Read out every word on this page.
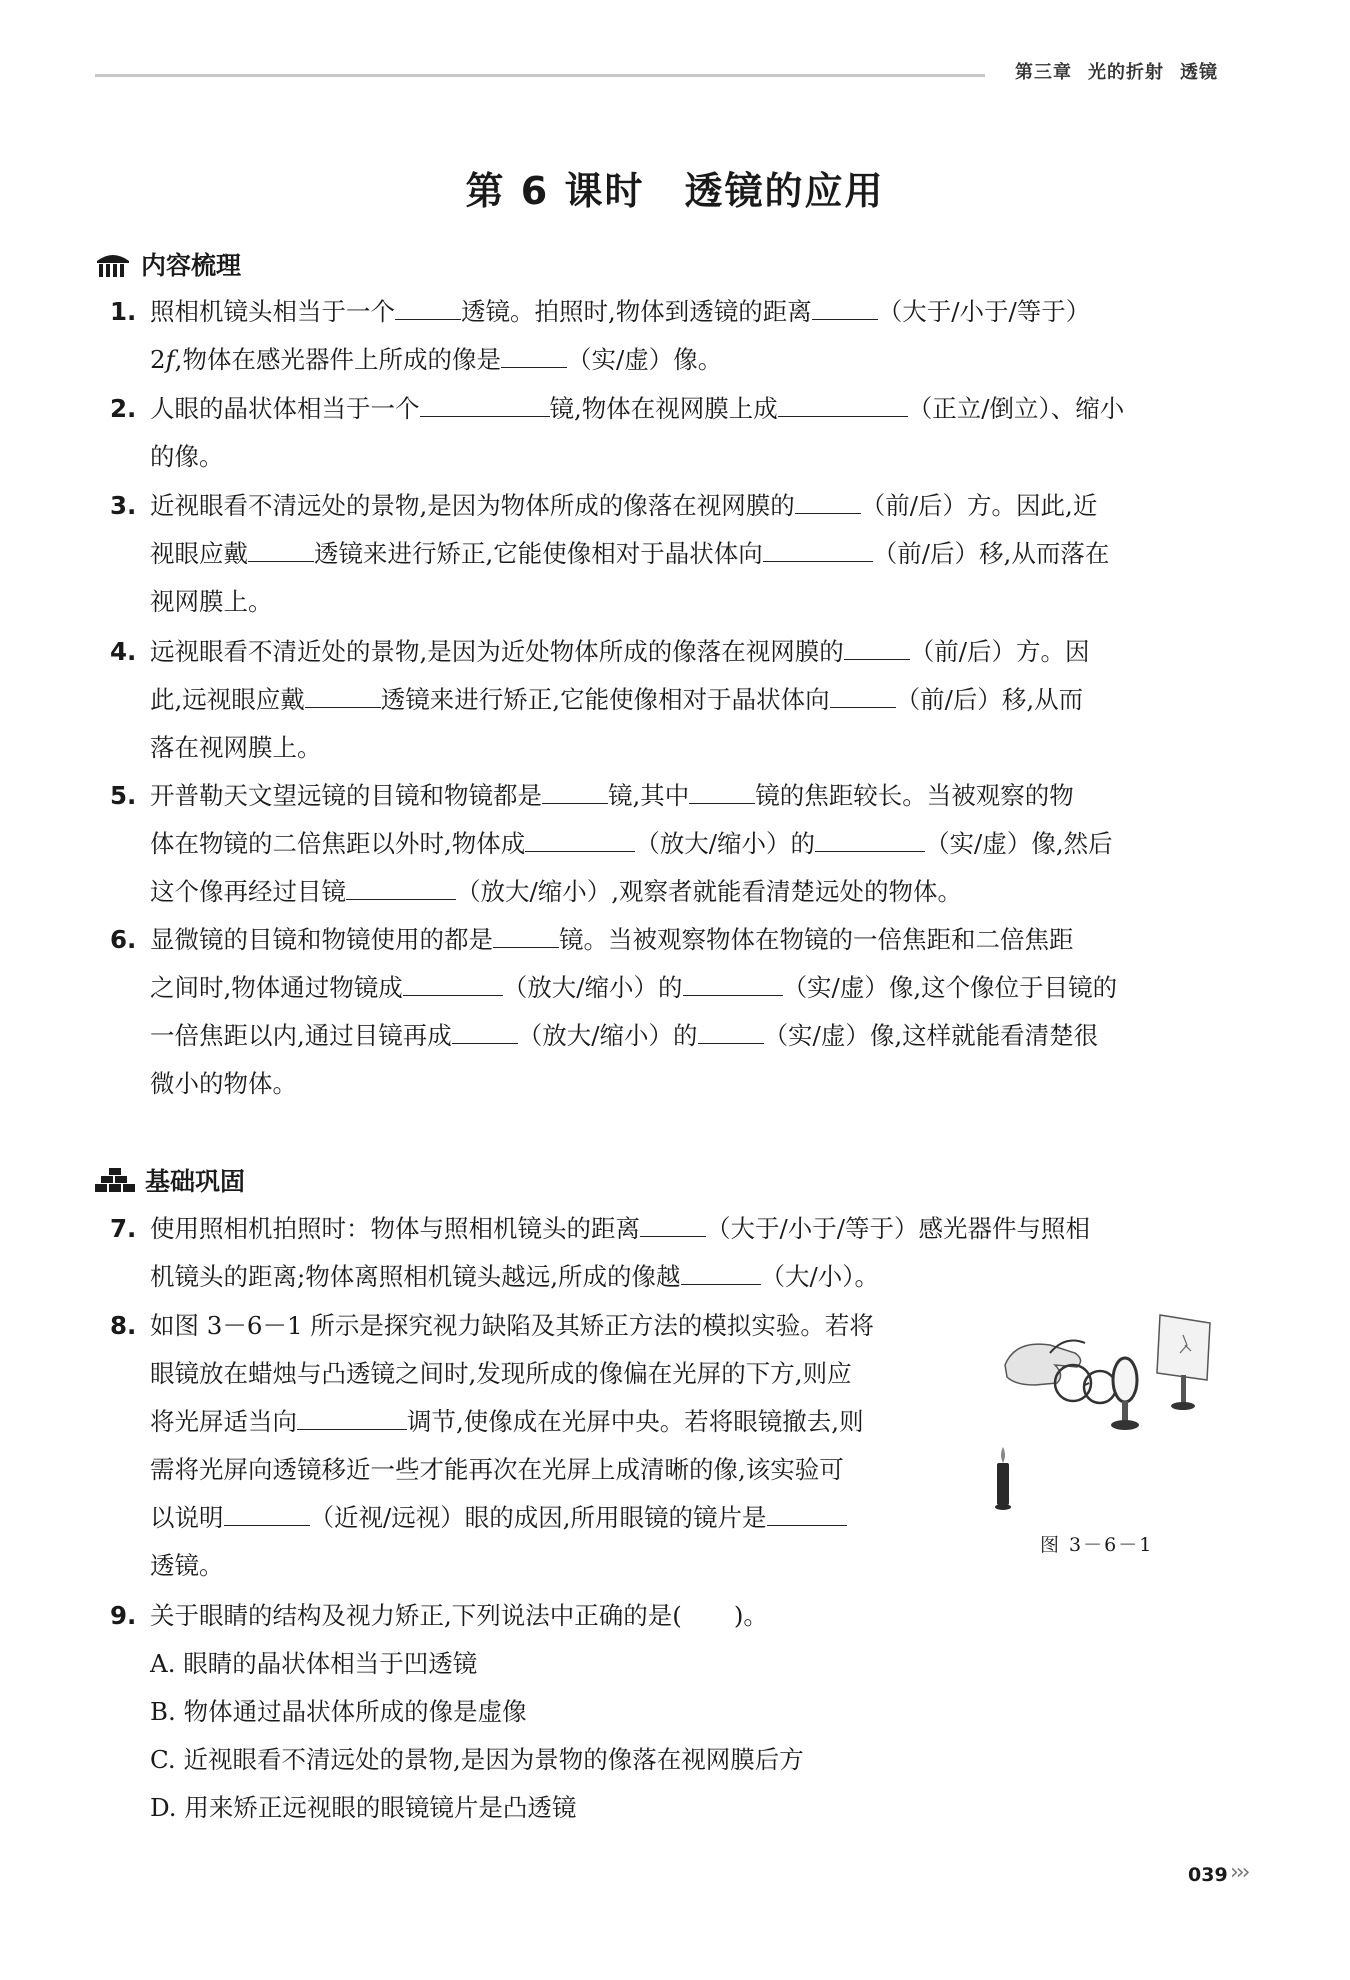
第三章 光的折射 透镜
第 6 课时　透镜的应用
内容梳理
1. 照相机镜头相当于一个	透镜。拍照时,物体到透镜的距离	（大于/小于/等于）
2f,物体在感光器件上所成的像是	（实/虚）像。
2. 人眼的晶状体相当于一个	镜,物体在视网膜上成	（正立/倒立）、缩小
的像。
3. 近视眼看不清远处的景物,是因为物体所成的像落在视网膜的	（前/后）方。因此,近
视眼应戴	透镜来进行矫正,它能使像相对于晶状体向	（前/后）移,从而落在
视网膜上。
4. 远视眼看不清近处的景物,是因为近处物体所成的像落在视网膜的	（前/后）方。因
此,远视眼应戴	透镜来进行矫正,它能使像相对于晶状体向	（前/后）移,从而
落在视网膜上。
5. 开普勒天文望远镜的目镜和物镜都是	镜,其中	镜的焦距较长。当被观察的物
体在物镜的二倍焦距以外时,物体成	（放大/缩小）的	（实/虚）像,然后
这个像再经过目镜	（放大/缩小）,观察者就能看清楚远处的物体。
6. 显微镜的目镜和物镜使用的都是	镜。当被观察物体在物镜的一倍焦距和二倍焦距
之间时,物体通过物镜成	（放大/缩小）的	（实/虚）像,这个像位于目镜的
一倍焦距以内,通过目镜再成	（放大/缩小）的	（实/虚）像,这样就能看清楚很
微小的物体。
基础巩固
7. 使用照相机拍照时：物体与照相机镜头的距离	（大于/小于/等于）感光器件与照相
机镜头的距离;物体离照相机镜头越远,所成的像越	（大/小）。
8. 如图 3－6－1 所示是探究视力缺陷及其矫正方法的模拟实验。若将
眼镜放在蜡烛与凸透镜之间时,发现所成的像偏在光屏的下方,则应
将光屏适当向	调节,使像成在光屏中央。若将眼镜撤去,则
需将光屏向透镜移近一些才能再次在光屏上成清晰的像,该实验可
以说明	（近视/远视）眼的成因,所用眼镜的镜片是
透镜。
图 3－6－1
9. 关于眼睛的结构及视力矫正,下列说法中正确的是( )。
A. 眼睛的晶状体相当于凹透镜
B. 物体通过晶状体所成的像是虚像
C. 近视眼看不清远处的景物,是因为景物的像落在视网膜后方
D. 用来矫正远视眼的眼镜镜片是凸透镜
039 ›››
